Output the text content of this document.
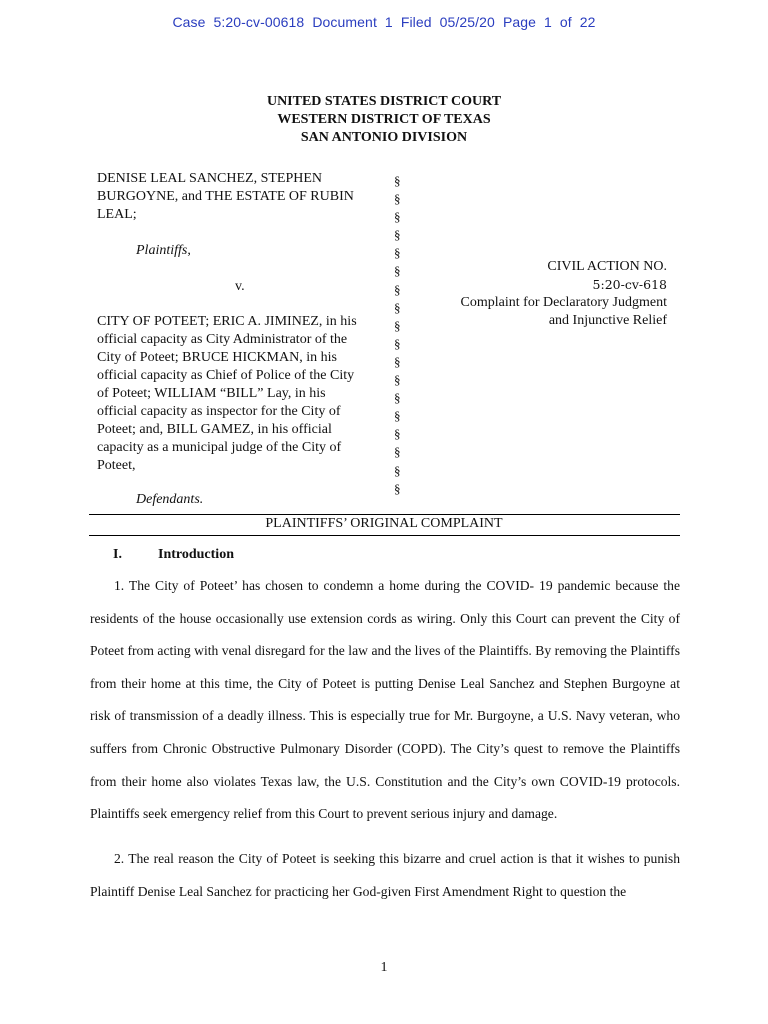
Case 5:20-cv-00618 Document 1 Filed 05/25/20 Page 1 of 22
UNITED STATES DISTRICT COURT
WESTERN DISTRICT OF TEXAS
SAN ANTONIO DIVISION
DENISE LEAL SANCHEZ, STEPHEN
BURGOYNE, and THE ESTATE OF RUBIN
LEAL;
Plaintiffs,
v.
CITY OF POTEET; ERIC A. JIMINEZ, in his
official capacity as City Administrator of the
City of Poteet; BRUCE HICKMAN, in his
official capacity as Chief of Police of the City
of Poteet; WILLIAM “BILL” Lay, in his
official capacity as inspector for the City of
Poteet; and, BILL GAMEZ, in his official
capacity as a municipal judge of the City of
Poteet,
Defendants.
§
§
§
§
§
§
§
§
§
§
§
§
§
§
§
§
§
§
CIVIL ACTION NO.
5:20-cv-618
Complaint for Declaratory Judgment
and Injunctive Relief
PLAINTIFFS’ ORIGINAL COMPLAINT
I.	Introduction
1. The City of Poteet’ has chosen to condemn a home during the COVID- 19 pandemic because the residents of the house occasionally use extension cords as wiring. Only this Court can prevent the City of Poteet from acting with venal disregard for the law and the lives of the Plaintiffs. By removing the Plaintiffs from their home at this time, the City of Poteet is putting Denise Leal Sanchez and Stephen Burgoyne at risk of transmission of a deadly illness. This is especially true for Mr. Burgoyne, a U.S. Navy veteran, who suffers from Chronic Obstructive Pulmonary Disorder (COPD). The City’s quest to remove the Plaintiffs from their home also violates Texas law, the U.S. Constitution and the City’s own COVID-19 protocols. Plaintiffs seek emergency relief from this Court to prevent serious injury and damage.
2. The real reason the City of Poteet is seeking this bizarre and cruel action is that it wishes to punish Plaintiff Denise Leal Sanchez for practicing her God-given First Amendment Right to question the
1
